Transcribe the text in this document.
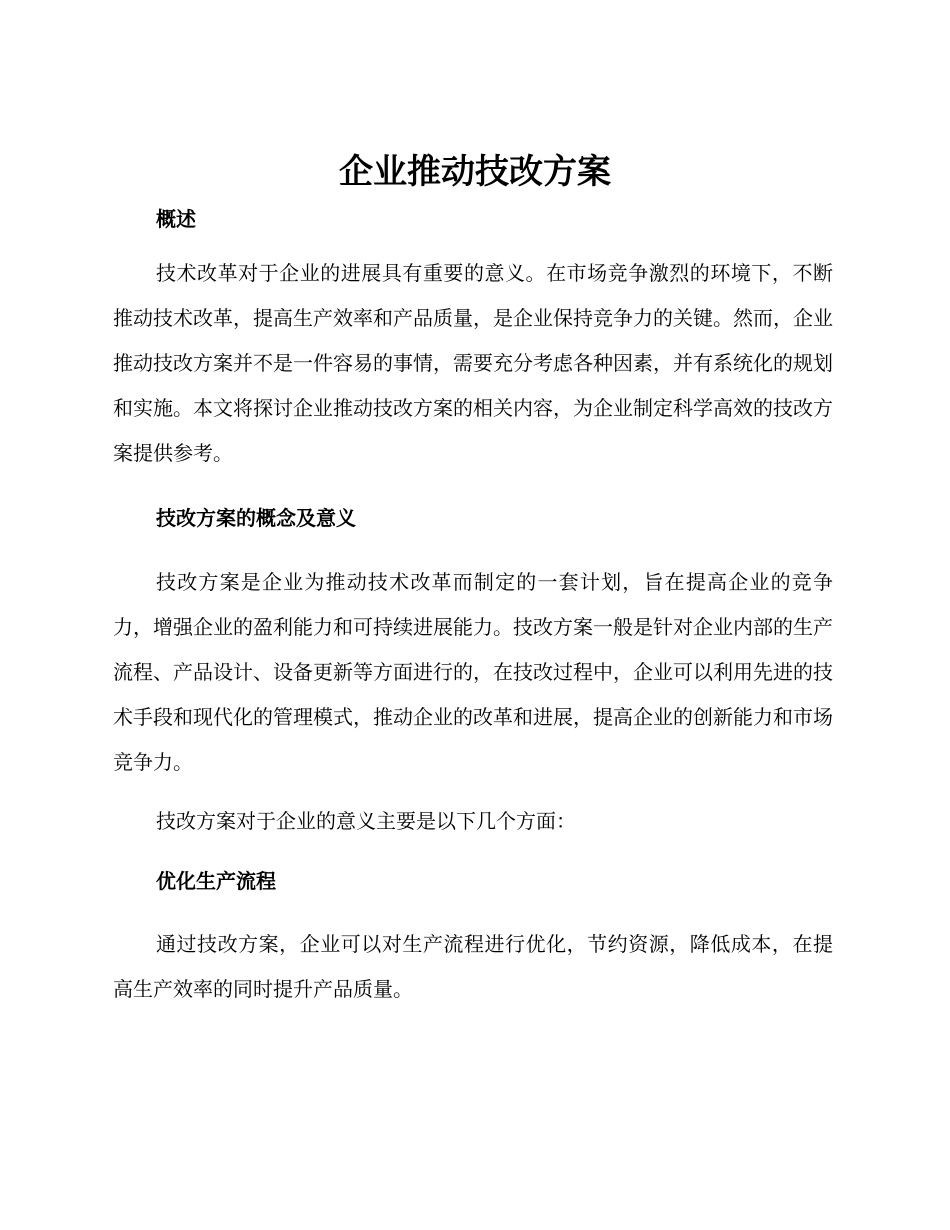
企业推动技改方案
概述

技术改革对于企业的进展具有重要的意义。在市场竞争激烈的环境下，不断推动技术改革，提高生产效率和产品质量，是企业保持竞争力的关键。然而，企业推动技改方案并不是一件容易的事情，需要充分考虑各种因素，并有系统化的规划和实施。本文将探讨企业推动技改方案的相关内容，为企业制定科学高效的技改方案提供参考。

技改方案的概念及意义

技改方案是企业为推动技术改革而制定的一套计划，旨在提高企业的竞争力，增强企业的盈利能力和可持续进展能力。技改方案一般是针对企业内部的生产流程、产品设计、设备更新等方面进行的，在技改过程中，企业可以利用先进的技术手段和现代化的管理模式，推动企业的改革和进展，提高企业的创新能力和市场竞争力。

技改方案对于企业的意义主要是以下几个方面：

优化生产流程

通过技改方案，企业可以对生产流程进行优化，节约资源，降低成本，在提高生产效率的同时提升产品质量。
